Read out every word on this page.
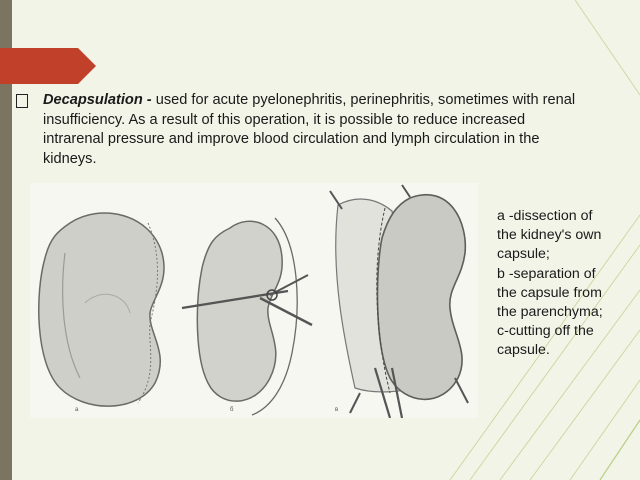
Decapsulation - used for acute pyelonephritis, perinephritis, sometimes with renal insufficiency. As a result of this operation, it is possible to reduce increased intrarenal pressure and improve blood circulation and lymph circulation in the kidneys.
а	б	в
a -dissection of
the kidney's own
capsule;
b -separation of
the capsule from
the parenchyma;
c-cutting off the
capsule.
